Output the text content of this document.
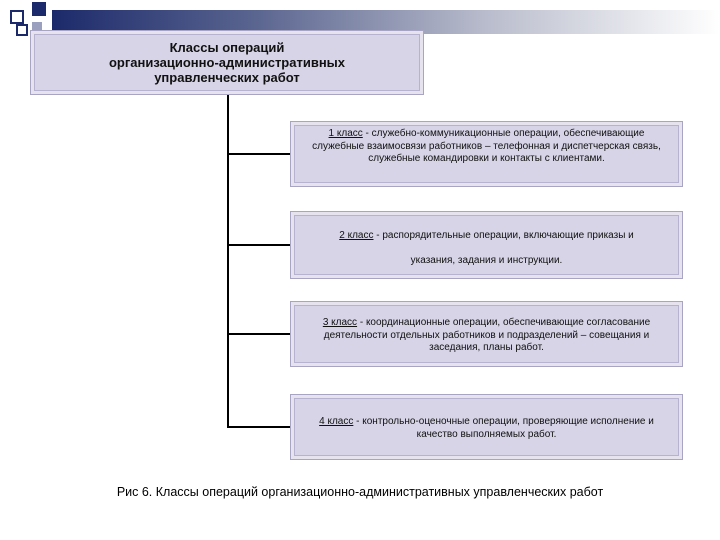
Классы операций
организационно-административных
управленческих работ
1 класс - служебно-коммуникационные операции, обеспечивающие служебные взаимосвязи работников – телефонная и диспетчерская связь, служебные командировки и контакты с клиентами.
2 класс - распорядительные операции, включающие приказы и
указания, задания и инструкции.
3 класс - координационные операции, обеспечивающие согласование деятельности отдельных работников и подразделений – совещания и заседания, планы работ.
4 класс - контрольно-оценочные операции, проверяющие исполнение и качество выполняемых работ.
Рис 6. Классы операций организационно-административных управленческих работ
